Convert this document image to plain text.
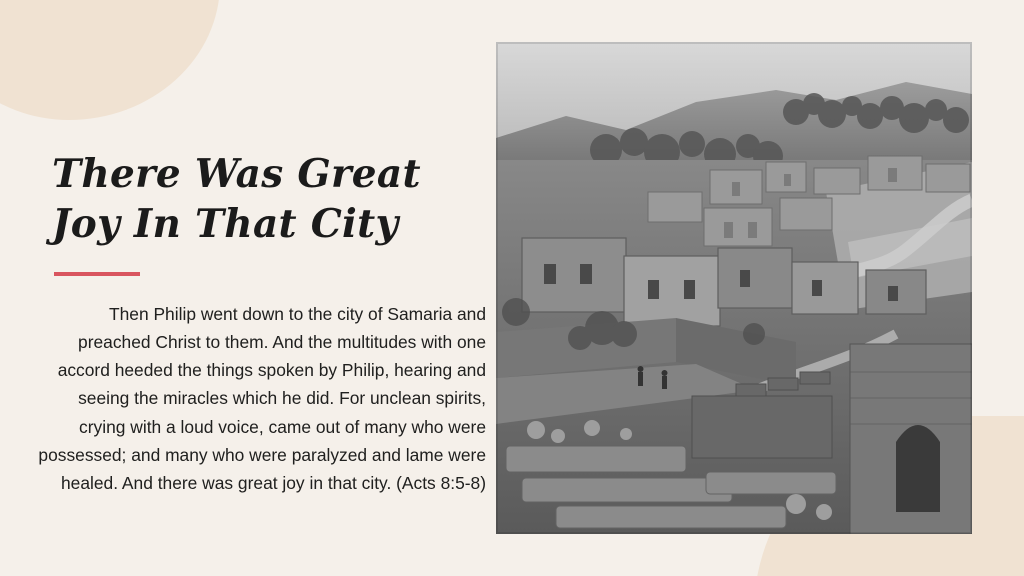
There Was Great
Joy In That City

Then Philip went down to the city of Samaria and preached Christ to them. And the multitudes with one accord heeded the things spoken by Philip, hearing and seeing the miracles which he did. For unclean spirits, crying with a loud voice, came out of many who were possessed; and many who were paralyzed and lame were healed. And there was great joy in that city. (Acts 8:5-8)
